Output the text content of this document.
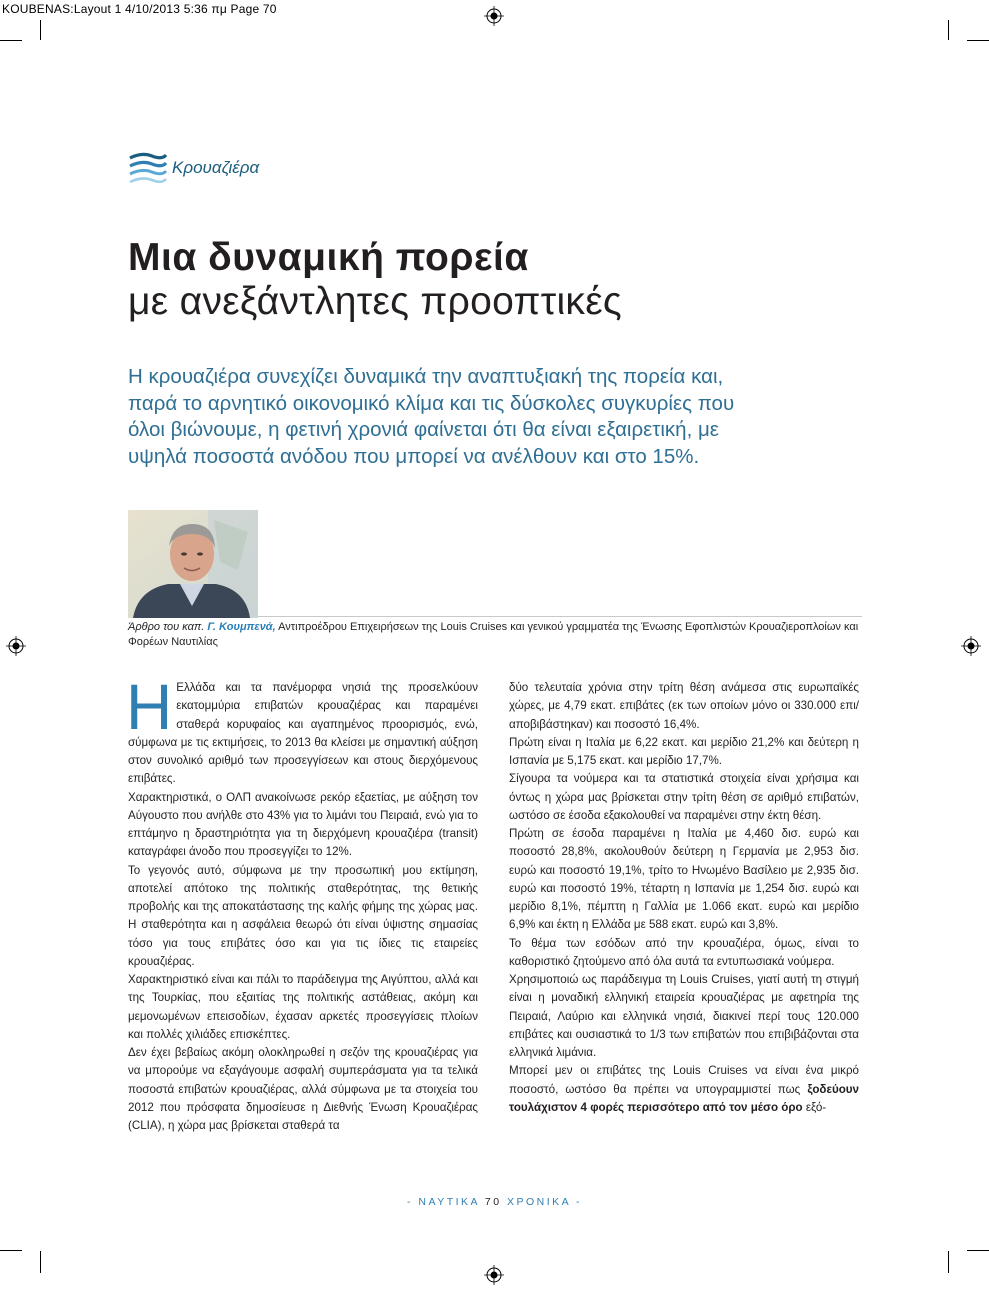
KOUBENAS:Layout 1 4/10/2013 5:36 πμ Page 70
Κρουαζιέρα
Μια δυναμική πορεία
με ανεξάντλητες προοπτικές
Η κρουαζιέρα συνεχίζει δυναμικά την αναπτυξιακή της πορεία και,
παρά το αρνητικό οικονομικό κλίμα και τις δύσκολες συγκυρίες που
όλοι βιώνουμε, η φετινή χρονιά φαίνεται ότι θα είναι εξαιρετική, με
υψηλά ποσοστά ανόδου που μπορεί να ανέλθουν και στο 15%.
Άρθρο του καπ. Γ. Κουμπενά, Αντιπροέδρου Επιχειρήσεων της Louis Cruises και γενικού γραμματέα της Ένωσης Εφοπλιστών Κρουαζιεροπλοίων και Φορέων Ναυτιλίας

Η Ελλάδα και τα πανέμορφα νησιά της προσελκύουν εκατομμύρια επιβατών κρουαζιέρας και παραμένει σταθερά κορυφαίος και αγαπημένος προορισμός, ενώ, σύμφωνα με τις εκτιμήσεις, το 2013 θα κλείσει με σημαντική αύξηση στον συνολικό αριθμό των προσεγγίσεων και στους διερχόμενους επιβάτες.

Χαρακτηριστικά, ο ΟΛΠ ανακοίνωσε ρεκόρ εξαετίας, με αύξηση τον Αύγουστο που ανήλθε στο 43% για το λιμάνι του Πειραιά, ενώ για το επτάμηνο η δραστηριότητα για τη διερχόμενη κρουαζιέρα (transit) καταγράφει άνοδο που προσεγγίζει το 12%.

Το γεγονός αυτό, σύμφωνα με την προσωπική μου εκτίμηση, αποτελεί απότοκο της πολιτικής σταθερότητας, της θετικής προβολής και της αποκατάστασης της καλής φήμης της χώρας μας. Η σταθερότητα και η ασφάλεια θεωρώ ότι είναι ύψιστης σημασίας τόσο για τους επιβάτες όσο και για τις ίδιες τις εταιρείες κρουαζιέρας.

Χαρακτηριστικό είναι και πάλι το παράδειγμα της Αιγύπτου, αλλά και της Τουρκίας, που εξαιτίας της πολιτικής αστάθειας, ακόμη και μεμονωμένων επεισοδίων, έχασαν αρκετές προσεγγίσεις πλοίων και πολλές χιλιάδες επισκέπτες.

Δεν έχει βεβαίως ακόμη ολοκληρωθεί η σεζόν της κρουαζιέρας για να μπορούμε να εξαγάγουμε ασφαλή συμπεράσματα για τα τελικά ποσοστά επιβατών κρουαζιέρας, αλλά σύμφωνα με τα στοιχεία του 2012 που πρόσφατα δημοσίευσε η Διεθνής Ένωση Κρουαζιέρας (CLIA), η χώρα μας βρίσκεται σταθερά τα

δύο τελευταία χρόνια στην τρίτη θέση ανάμεσα στις ευρωπαϊκές χώρες, με 4,79 εκατ. επιβάτες (εκ των οποίων μόνο οι 330.000 επι/αποβιβάστηκαν) και ποσοστό 16,4%.

Πρώτη είναι η Ιταλία με 6,22 εκατ. και μερίδιο 21,2% και δεύτερη η Ισπανία με 5,175 εκατ. και μερίδιο 17,7%.

Σίγουρα τα νούμερα και τα στατιστικά στοιχεία είναι χρήσιμα και όντως η χώρα μας βρίσκεται στην τρίτη θέση σε αριθμό επιβατών, ωστόσο σε έσοδα εξακολουθεί να παραμένει στην έκτη θέση.

Πρώτη σε έσοδα παραμένει η Ιταλία με 4,460 δισ. ευρώ και ποσοστό 28,8%, ακολουθούν δεύτερη η Γερμανία με 2,953 δισ. ευρώ και ποσοστό 19,1%, τρίτο το Ηνωμένο Βασίλειο με 2,935 δισ. ευρώ και ποσοστό 19%, τέταρτη η Ισπανία με 1,254 δισ. ευρώ και μερίδιο 8,1%, πέμπτη η Γαλλία με 1.066 εκατ. ευρώ και μερίδιο 6,9% και έκτη η Ελλάδα με 588 εκατ. ευρώ και 3,8%.

Το θέμα των εσόδων από την κρουαζιέρα, όμως, είναι το καθοριστικό ζητούμενο από όλα αυτά τα εντυπωσιακά νούμερα.

Χρησιμοποιώ ως παράδειγμα τη Louis Cruises, γιατί αυτή τη στιγμή είναι η μοναδική ελληνική εταιρεία κρουαζιέρας με αφετηρία της Πειραιά, Λαύριο και ελληνικά νησιά, διακινεί περί τους 120.000 επιβάτες και ουσιαστικά το 1/3 των επιβατών που επιβιβάζονται στα ελληνικά λιμάνια.

Μπορεί μεν οι επιβάτες της Louis Cruises να είναι ένα μικρό ποσοστό, ωστόσο θα πρέπει να υπογραμμιστεί πως ξοδεύουν τουλάχιστον 4 φορές περισσότερο από τον μέσο όρο εξό-

- ΝΑΥΤΙΚΑ 70 ΧΡΟΝΙΚΑ -
